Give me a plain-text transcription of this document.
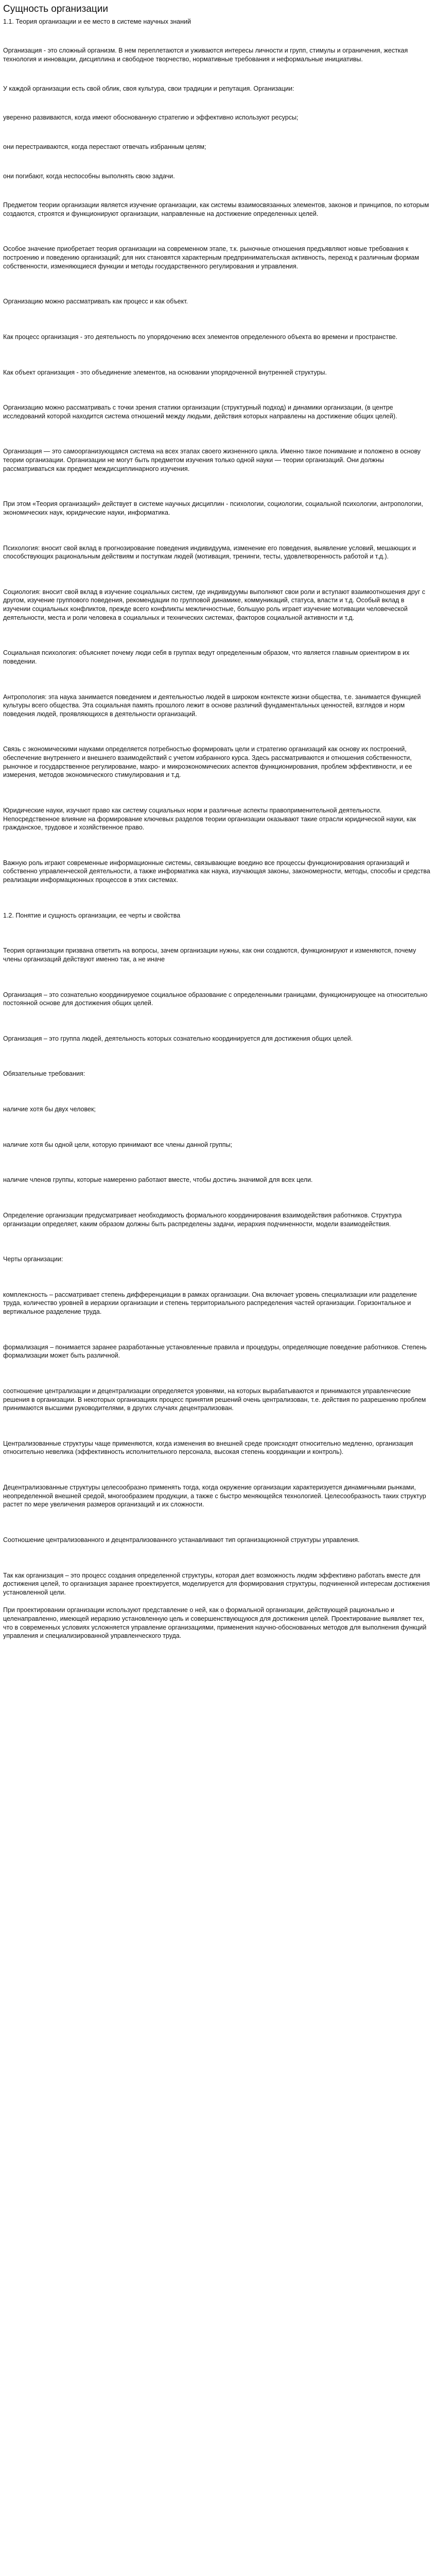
Сущность организации

1.1. Теория организации и ее место в системе научных знаний

Организация - это сложный организм. В нем переплетаются и уживаются интересы личности и групп, стимулы и ограничения, жесткая технология и инновации, дисциплина и свободное творчество, нормативные требования и неформальные инициативы.

У каждой организации есть свой облик, своя культура, свои традиции и репутация. Организации:

уверенно развиваются, когда имеют обоснованную стратегию и эффективно используют ресурсы;

они перестраиваются, когда перестают отвечать избранным целям;

они погибают, когда неспособны выполнять свою задачи.

Предметом теории организации является изучение организации, как системы взаимосвязанных элементов, законов и принципов, по которым создаются, строятся и функционируют организации, направленные на достижение определенных целей.

Особое значение приобретает теория организации на современном этапе, т.к. рыночные отношения предъявляют новые требования к построению и поведению организаций; для них становятся характерным предпринимательская активность, переход к различным формам собственности, изменяющиеся функции и методы государственного регулирования и управления.

Организацию можно рассматривать как процесс и как объект.

Как процесс организация - это деятельность по упорядочению всех элементов определенного объекта во времени и пространстве.

Как объект организация - это объединение элементов, на основании упорядоченной внутренней структуры.

Организацию можно рассматривать с точки зрения статики организации (структурный подход) и динамики организации, (в центре исследований которой находится система отношений между людьми, действия которых направлены на достижение общих целей).

Организация — это самоорганизующаяся система на всех этапах своего жизненного цикла. Именно такое понимание и положено в основу теории организации. Организации не могут быть предметом изучения только одной науки — теории организаций. Они должны рассматриваться как предмет междисциплинарного изучения.

При этом «Теория организаций» действует в системе научных дисциплин - психологии, социологии, социальной психологии, антропологии, экономических наук, юридические науки, информатика.

Психология: вносит свой вклад в прогнозирование поведения индивидуума, изменение его поведения, выявление условий, мешающих и способствующих рациональным действиям и поступкам людей (мотивация, тренинги, тесты, удовлетворенность работой и т.д.).

Социология: вносит свой вклад в изучение социальных систем, где индивидуумы выполняют свои роли и вступают взаимоотношения друг с другом, изучение группового поведения, рекомендации по групповой динамике, коммуникаций, статуса, власти и т.д. Особый вклад в изучении социальных конфликтов, прежде всего конфликты межличностные, большую роль играет изучение мотивации человеческой деятельности, места и роли человека в социальных и технических системах, факторов социальной активности и т.д.

Социальная психология: объясняет почему люди себя в группах ведут определенным образом, что является главным ориентиром в их поведении.

Антропология: эта наука занимается поведением и деятельностью людей в широком контексте жизни общества, т.е. занимается функцией культуры всего общества. Эта социальная память прошлого лежит в основе различий фундаментальных ценностей, взглядов и норм поведения людей, проявляющихся в деятельности организаций.

Связь с экономическими науками определяется потребностью формировать цели и стратегию организаций как основу их построений, обеспечение внутреннего и внешнего взаимодействий с учетом избранного курса. Здесь рассматриваются и отношения собственности, рыночное и государственное регулирование, макро- и микроэкономических аспектов функционирования, проблем эффективности, и ее измерения, методов экономического стимулирования и т.д.

Юридические науки, изучают право как систему социальных норм и различные аспекты правоприменительной деятельности. Непосредственное влияние на формирование ключевых разделов теории организации оказывают такие отрасли юридической науки, как гражданское, трудовое и хозяйственное право.

Важную роль играют современные информационные системы, связывающие воедино все процессы функционирования организаций и собственно управленческой деятельности, а также информатика как наука, изучающая законы, закономерности, методы, способы и средства реализации информационных процессов в этих системах.

1.2. Понятие и сущность организации, ее черты и свойства

Теория организации призвана ответить на вопросы, зачем организации нужны, как они создаются, функционируют и изменяются, почему члены организаций действуют именно так, а не иначе

Организация – это сознательно координируемое социальное образование с определенными границами, функционирующее на относительно постоянной основе для достижения общих целей.

Организация – это группа людей, деятельность которых сознательно координируется для достижения общих целей.

Обязательные требования:

наличие хотя бы двух человек;

наличие хотя бы одной цели, которую принимают все члены данной группы;

наличие членов группы, которые намеренно работают вместе, чтобы достичь значимой для всех цели.

Определение организации предусматривает необходимость формального координирования взаимодействия работников. Структура организации определяет, каким образом должны быть распределены задачи, иерархия подчиненности, модели взаимодействия.

Черты организации:

комплексность – рассматривает степень дифференциации в рамках организации. Она включает уровень специализации или разделение труда, количество уровней в иерархии организации и степень территориального распределения частей организации. Горизонтальное и вертикальное разделение труда.

формализация – понимается заранее разработанные установленные правила и процедуры, определяющие поведение работников. Степень формализации может быть различной.

соотношение централизации и децентрализации определяется уровнями, на которых вырабатываются и принимаются управленческие решения в организации. В некоторых организациях процесс принятия решений очень централизован, т.е. действия по разрешению проблем принимаются высшими руководителями, в других случаях децентрализован.

Централизованные структуры чаще применяются, когда изменения во внешней среде происходят относительно медленно, организация относительно невелика (эффективность исполнительного персонала, высокая степень координации и контроль).

Децентрализованные структуры целесообразно применять тогда, когда окружение организации характеризуется динамичными рынками, неопределенной внешней средой, многообразием продукции, а также с быстро меняющейся технологией. Целесообразность таких структур растет по мере увеличения размеров организаций и их сложности.

Соотношение централизованного и децентрализованного устанавливают тип организационной структуры управления.

Так как организация – это процесс создания определенной структуры, которая дает возможность людям эффективно работать вместе для достижения целей, то организация заранее проектируется, моделируется для формирования структуры, подчиненной интересам достижения установленной цели.

При проектировании организации используют представление о ней, как о формальной организации, действующей рационально и целенаправленно, имеющей иерархию установленную цель и совершенствующуюся для достижения целей. Проектирование выявляет тех, что в современных условиях усложняется управление организациями, применения научно-обоснованных методов для выполнения функций управления и специализированной управленческого труда.
